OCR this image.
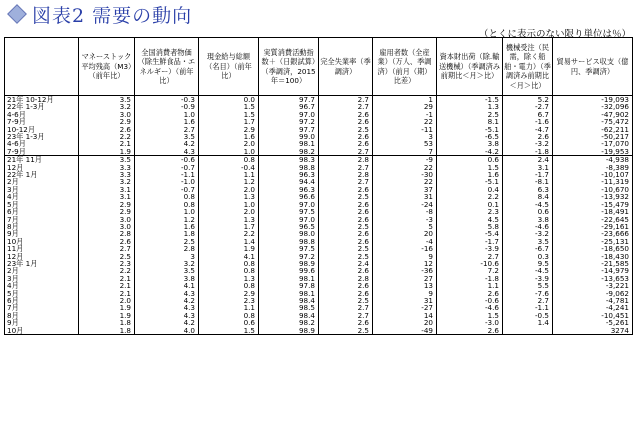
図表2 需要の動向
（とくに表示のない限り単位は％）
	マネーストック平均残高（M3）（前年比）	全国消費者物価（除生鮮食品・エネルギー）（前年比）	現金給与総額（名目）（前年比）	実質消費活動指数＋（日銀試算）（季調済，2015年＝100）	完全失業率（季調済）	雇用者数（全産業）（万人、季調済）（前月（期）比差）	資本財出荷（除.輸送機械）（季調済み前期比＜月＞比）	機械受注（民需，除く船舶・電力）（季調済み前期比＜月＞比）	貿易サービス収支（億円、季調済）
21年 10-12月	3.5	-0.3	0.0	97.7	2.7	1	-1.5	5.2	-19,093
22年 1-3月	3.2	-0.9	1.5	96.7	2.7	29	1.3	-2.7	-32,096
4-6月	3.0	1.0	1.5	97.0	2.6	-1	2.5	6.7	-47,902
7-9月	2.9	1.6	1.7	97.2	2.6	22	8.1	-1.6	-75,472
10-12月	2.6	2.7	2.9	97.7	2.5	-11	-5.1	-4.7	-62,211
23年 1-3月	2.2	3.5	1.6	99.0	2.6	3	-6.5	2.6	-50,217
4-6月	2.1	4.2	2.0	98.1	2.6	53	3.8	-3.2	-17,070
7-9月	1.9	4.3	1.0	98.2	2.7	7	-4.2	-1.8	-19,953
21年 11月	3.5	-0.6	0.8	98.3	2.8	-9	0.6	2.4	-4,938
12月	3.3	-0.7	-0.4	98.8	2.7	22	1.5	3.1	-8,389
22年 1月	3.3	-1.1	1.1	96.3	2.8	-30	1.6	-1.7	-10,107
2月	3.2	-1.0	1.2	94.4	2.7	22	-5.1	-8.1	-11,319
3月	3.1	-0.7	2.0	96.3	2.6	37	0.4	6.3	-10,670
4月	3.1	0.8	1.3	96.6	2.5	31	2.2	8.4	-13,932
5月	2.9	0.8	1.0	97.0	2.6	-24	0.1	-4.5	-15,479
6月	2.9	1.0	2.0	97.5	2.6	-8	2.3	0.6	-18,491
7月	3.0	1.2	1.3	97.0	2.6	-3	4.5	3.8	-22,645
8月	3.0	1.6	1.7	96.5	2.5	5	5.8	-4.6	-29,161
9月	2.8	1.8	2.2	98.0	2.6	20	-5.4	-3.2	-23,666
10月	2.6	2.5	1.4	98.8	2.6	-4	-1.7	3.5	-25,131
11月	2.7	2.8	1.9	97.5	2.5	-16	-3.9	-6.7	-18,650
12月	2.5	3	4.1	97.2	2.5	9	2.7	0.3	-18,430
23年 1月	2.3	3.2	0.8	98.9	2.4	12	-10.6	9.5	-21,585
2月	2.2	3.5	0.8	99.6	2.6	-36	7.2	-4.5	-14,979
3月	2.1	3.8	1.3	98.1	2.8	27	-1.8	-3.9	-13,653
4月	2.1	4.1	0.8	97.8	2.6	13	1.1	5.5	-3,221
5月	2.1	4.3	2.9	98.1	2.6	9	2.6	-7.6	-9,062
6月	2.0	4.2	2.3	98.4	2.5	31	-0.6	2.7	-4,781
7月	1.9	4.3	1.1	98.5	2.7	-27	-4.6	-1.1	-4,241
8月	1.9	4.3	0.8	98.4	2.7	14	1.5	-0.5	-10,451
9月	1.8	4.2	0.6	98.2	2.6	20	-3.0	1.4	-5,261
10月	1.8	4.0	1.5	98.9	2.5	-49	2.6		3274
